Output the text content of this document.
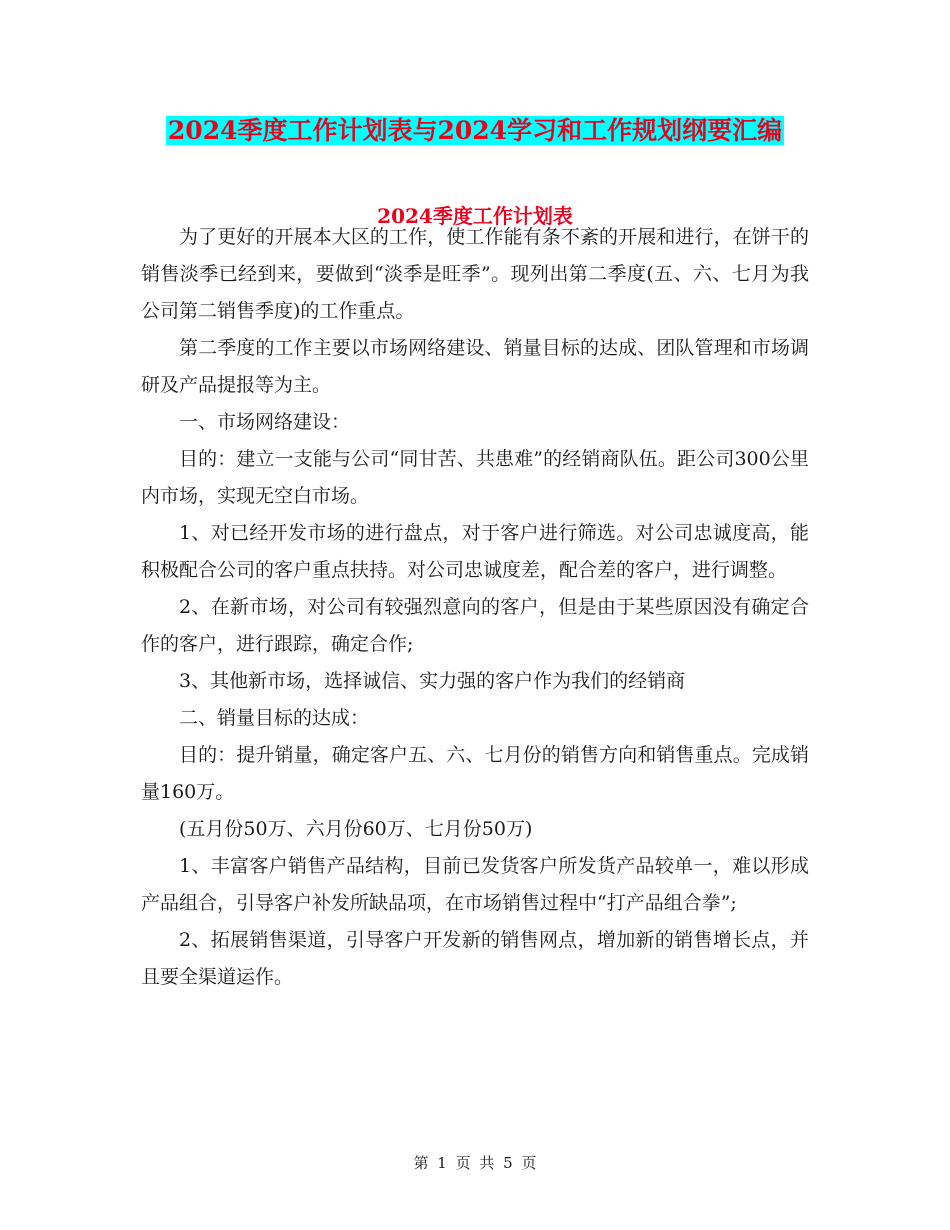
2024季度工作计划表与2024学习和工作规划纲要汇编
2024季度工作计划表

为了更好的开展本大区的工作，使工作能有条不紊的开展和进行，在饼干的销售淡季已经到来，要做到“淡季是旺季”。现列出第二季度(五、六、七月为我公司第二销售季度)的工作重点。

第二季度的工作主要以市场网络建设、销量目标的达成、团队管理和市场调研及产品提报等为主。

一、市场网络建设：

目的：建立一支能与公司“同甘苦、共患难”的经销商队伍。距公司300公里内市场，实现无空白市场。

1、对已经开发市场的进行盘点，对于客户进行筛选。对公司忠诚度高，能积极配合公司的客户重点扶持。对公司忠诚度差，配合差的客户，进行调整。

2、在新市场，对公司有较强烈意向的客户，但是由于某些原因没有确定合作的客户，进行跟踪，确定合作;

3、其他新市场，选择诚信、实力强的客户作为我们的经销商

二、销量目标的达成：

目的：提升销量，确定客户五、六、七月份的销售方向和销售重点。完成销量160万。

(五月份50万、六月份60万、七月份50万)

1、丰富客户销售产品结构，目前已发货客户所发货产品较单一，难以形成产品组合，引导客户补发所缺品项，在市场销售过程中“打产品组合拳”;

2、拓展销售渠道，引导客户开发新的销售网点，增加新的销售增长点，并且要全渠道运作。

第 1 页 共 5 页
